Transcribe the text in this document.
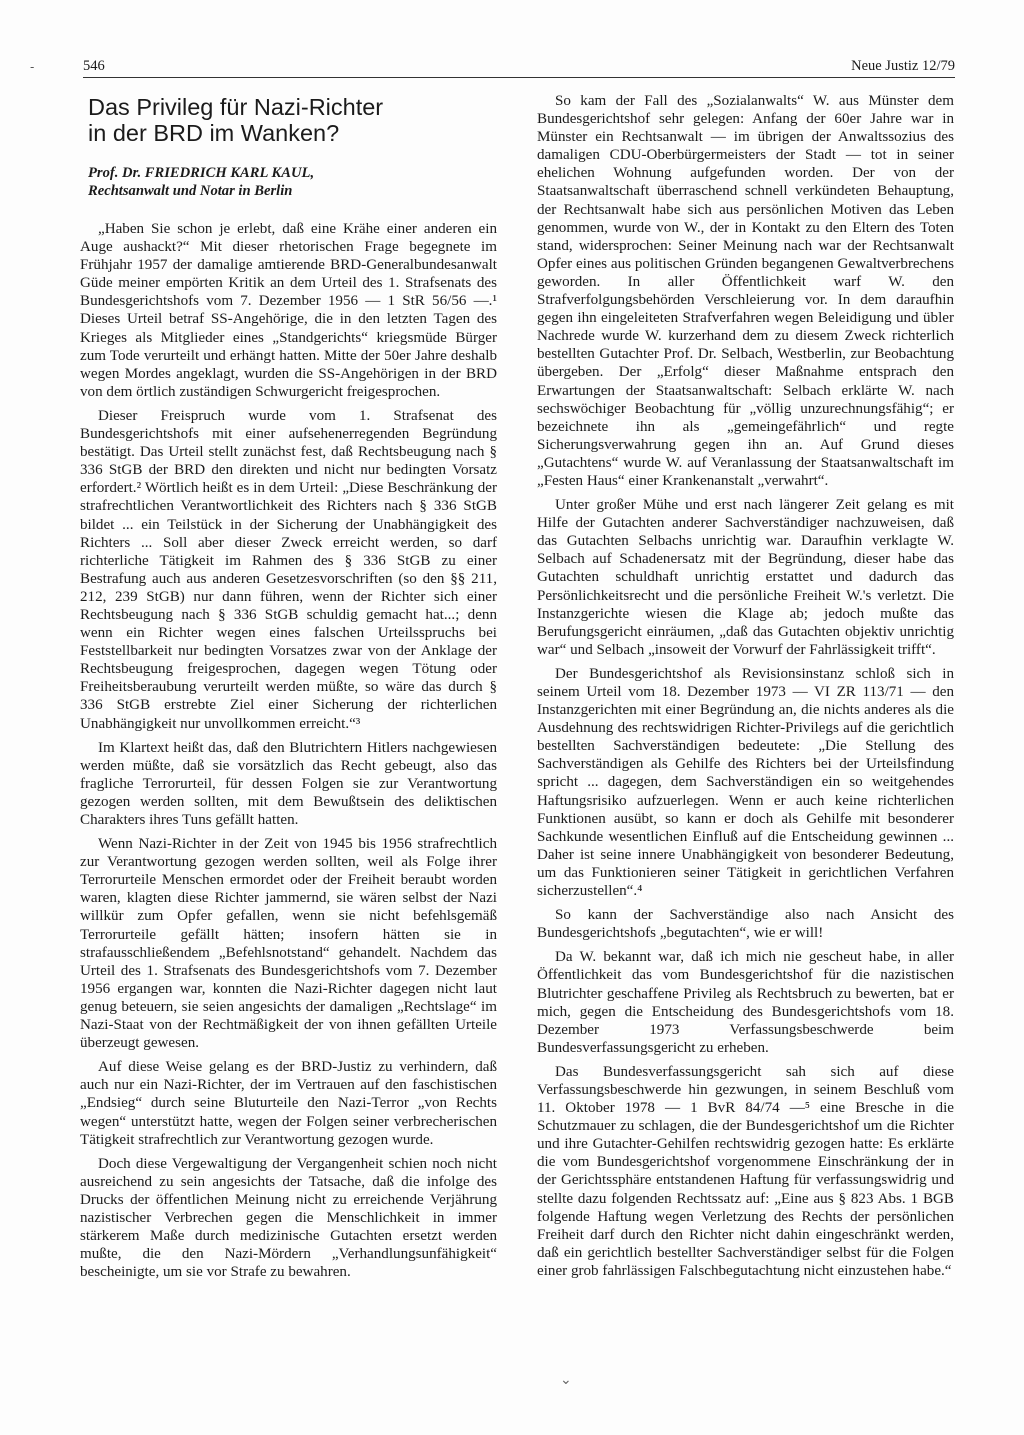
-	546	Neue Justiz 12/79
Das Privileg für Nazi-Richter
in der BRD im Wanken?
Prof. Dr. FRIEDRICH KARL KAUL,
Rechtsanwalt und Notar in Berlin

„Haben Sie schon je erlebt, daß eine Krähe einer anderen ein Auge aushackt?“ Mit dieser rhetorischen Frage begegnete im Frühjahr 1957 der damalige amtierende BRD-Generalbundesanwalt Güde meiner empörten Kritik an dem Urteil des 1. Strafsenats des Bundesgerichtshofs vom 7. Dezember 1956 — 1 StR 56/56 —.¹ Dieses Urteil betraf SS-Angehörige, die in den letzten Tagen des Krieges als Mitglieder eines „Standgerichts“ kriegsmüde Bürger zum Tode verurteilt und erhängt hatten. Mitte der 50er Jahre deshalb wegen Mordes angeklagt, wurden die SS-Angehörigen in der BRD von dem örtlich zuständigen Schwurgericht freigesprochen.

Dieser Freispruch wurde vom 1. Strafsenat des Bundesgerichtshofs mit einer aufsehenerregenden Begründung bestätigt. Das Urteil stellt zunächst fest, daß Rechtsbeugung nach § 336 StGB der BRD den direkten und nicht nur bedingten Vorsatz erfordert.² Wörtlich heißt es in dem Urteil: „Diese Beschränkung der strafrechtlichen Verantwortlichkeit des Richters nach § 336 StGB bildet ... ein Teilstück in der Sicherung der Unabhängigkeit des Richters ... Soll aber dieser Zweck erreicht werden, so darf richterliche Tätigkeit im Rahmen des § 336 StGB zu einer Bestrafung auch aus anderen Gesetzesvorschriften (so den §§ 211, 212, 239 StGB) nur dann führen, wenn der Richter sich einer Rechtsbeugung nach § 336 StGB schuldig gemacht hat...; denn wenn ein Richter wegen eines falschen Urteilsspruchs bei Feststellbarkeit nur bedingten Vorsatzes zwar von der Anklage der Rechtsbeugung freigesprochen, dagegen wegen Tötung oder Freiheitsberaubung verurteilt werden müßte, so wäre das durch § 336 StGB erstrebte Ziel einer Sicherung der richterlichen Unabhängigkeit nur unvollkommen erreicht.“³

Im Klartext heißt das, daß den Blutrichtern Hitlers nachgewiesen werden müßte, daß sie vorsätzlich das Recht gebeugt, also das fragliche Terrorurteil, für dessen Folgen sie zur Verantwortung gezogen werden sollten, mit dem Bewußtsein des deliktischen Charakters ihres Tuns gefällt hatten.

Wenn Nazi-Richter in der Zeit von 1945 bis 1956 strafrechtlich zur Verantwortung gezogen werden sollten, weil als Folge ihrer Terrorurteile Menschen ermordet oder der Freiheit beraubt worden waren, klagten diese Richter jammernd, sie wären selbst der Nazi willkür zum Opfer gefallen, wenn sie nicht befehlsgemäß Terrorurteile gefällt hätten; insofern hätten sie in strafausschließendem „Befehlsnotstand“ gehandelt. Nachdem das Urteil des 1. Strafsenats des Bundesgerichtshofs vom 7. Dezember 1956 ergangen war, konnten die Nazi-Richter dagegen nicht laut genug beteuern, sie seien angesichts der damaligen „Rechtslage“ im Nazi-Staat von der Rechtmäßigkeit der von ihnen gefällten Urteile überzeugt gewesen.

Auf diese Weise gelang es der BRD-Justiz zu verhindern, daß auch nur ein Nazi-Richter, der im Vertrauen auf den faschistischen „Endsieg“ durch seine Bluturteile den Nazi-Terror „von Rechts wegen“ unterstützt hatte, wegen der Folgen seiner verbrecherischen Tätigkeit strafrechtlich zur Verantwortung gezogen wurde.

Doch diese Vergewaltigung der Vergangenheit schien noch nicht ausreichend zu sein angesichts der Tatsache, daß die infolge des Drucks der öffentlichen Meinung nicht zu erreichende Verjährung nazistischer Verbrechen gegen die Menschlichkeit in immer stärkerem Maße durch medizinische Gutachten ersetzt werden mußte, die den Nazi-Mördern „Verhandlungsunfähigkeit“ bescheinigte, um sie vor Strafe zu bewahren.

So kam der Fall des „Sozialanwalts“ W. aus Münster dem Bundesgerichtshof sehr gelegen: Anfang der 60er Jahre war in Münster ein Rechtsanwalt — im übrigen der Anwaltssozius des damaligen CDU-Oberbürgermeisters der Stadt — tot in seiner ehelichen Wohnung aufgefunden worden. Der von der Staatsanwaltschaft überraschend schnell verkündeten Behauptung, der Rechtsanwalt habe sich aus persönlichen Motiven das Leben genommen, wurde von W., der in Kontakt zu den Eltern des Toten stand, widersprochen: Seiner Meinung nach war der Rechtsanwalt Opfer eines aus politischen Gründen begangenen Gewaltverbrechens geworden. In aller Öffentlichkeit warf W. den Strafverfolgungsbehörden Verschleierung vor. In dem daraufhin gegen ihn eingeleiteten Strafverfahren wegen Beleidigung und übler Nachrede wurde W. kurzerhand dem zu diesem Zweck richterlich bestellten Gutachter Prof. Dr. Selbach, Westberlin, zur Beobachtung übergeben. Der „Erfolg“ dieser Maßnahme entsprach den Erwartungen der Staatsanwaltschaft: Selbach erklärte W. nach sechswöchiger Beobachtung für „völlig unzurechnungsfähig“; er bezeichnete ihn als „gemeingefährlich“ und regte Sicherungsverwahrung gegen ihn an. Auf Grund dieses „Gutachtens“ wurde W. auf Veranlassung der Staatsanwaltschaft im „Festen Haus“ einer Krankenanstalt „verwahrt“.

Unter großer Mühe und erst nach längerer Zeit gelang es mit Hilfe der Gutachten anderer Sachverständiger nachzuweisen, daß das Gutachten Selbachs unrichtig war. Daraufhin verklagte W. Selbach auf Schadenersatz mit der Begründung, dieser habe das Gutachten schuldhaft unrichtig erstattet und dadurch das Persönlichkeitsrecht und die persönliche Freiheit W.'s verletzt. Die Instanzgerichte wiesen die Klage ab; jedoch mußte das Berufungsgericht einräumen, „daß das Gutachten objektiv unrichtig war“ und Selbach „insoweit der Vorwurf der Fahrlässigkeit trifft“.

Der Bundesgerichtshof als Revisionsinstanz schloß sich in seinem Urteil vom 18. Dezember 1973 — VI ZR 113/71 — den Instanzgerichten mit einer Begründung an, die nichts anderes als die Ausdehnung des rechtswidrigen Richter-Privilegs auf die gerichtlich bestellten Sachverständigen bedeutete: „Die Stellung des Sachverständigen als Gehilfe des Richters bei der Urteilsfindung spricht ... dagegen, dem Sachverständigen ein so weitgehendes Haftungsrisiko aufzuerlegen. Wenn er auch keine richterlichen Funktionen ausübt, so kann er doch als Gehilfe mit besonderer Sachkunde wesentlichen Einfluß auf die Entscheidung gewinnen ... Daher ist seine innere Unabhängigkeit von besonderer Bedeutung, um das Funktionieren seiner Tätigkeit in gerichtlichen Verfahren sicherzustellen“.⁴

So kann der Sachverständige also nach Ansicht des Bundesgerichtshofs „begutachten“, wie er will!

Da W. bekannt war, daß ich mich nie gescheut habe, in aller Öffentlichkeit das vom Bundesgerichtshof für die nazistischen Blutrichter geschaffene Privileg als Rechtsbruch zu bewerten, bat er mich, gegen die Entscheidung des Bundesgerichtshofs vom 18. Dezember 1973 Verfassungsbeschwerde beim Bundesverfassungsgericht zu erheben.

Das Bundesverfassungsgericht sah sich auf diese Verfassungsbeschwerde hin gezwungen, in seinem Beschluß vom 11. Oktober 1978 — 1 BvR 84/74 —⁵ eine Bresche in die Schutzmauer zu schlagen, die der Bundesgerichtshof um die Richter und ihre Gutachter-Gehilfen rechtswidrig gezogen hatte: Es erklärte die vom Bundesgerichtshof vorgenommene Einschränkung der in der Gerichtssphäre entstandenen Haftung für verfassungswidrig und stellte dazu folgenden Rechtssatz auf: „Eine aus § 823 Abs. 1 BGB folgende Haftung wegen Verletzung des Rechts der persönlichen Freiheit darf durch den Richter nicht dahin eingeschränkt werden, daß ein gerichtlich bestellter Sachverständiger selbst für die Folgen einer grob fahrlässigen Falschbegutachtung nicht einzustehen habe.“

⌄
